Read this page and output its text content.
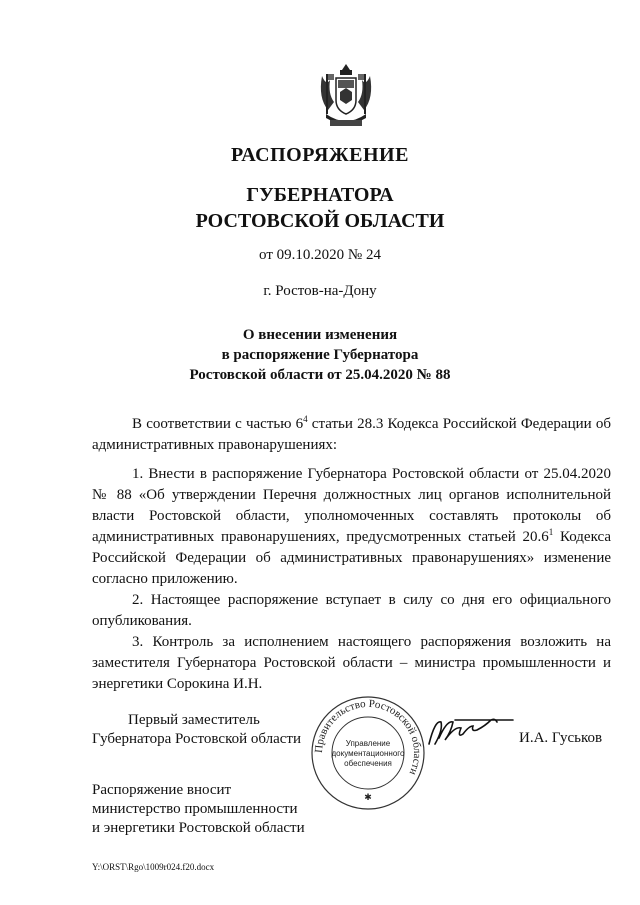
РАСПОРЯЖЕНИЕ
ГУБЕРНАТОРА
РОСТОВСКОЙ ОБЛАСТИ
от 09.10.2020 № 24
г. Ростов-на-Дону
О внесении изменения
в распоряжение Губернатора
Ростовской области от 25.04.2020 № 88

В соответствии с частью $6^4$ статьи 28.3 Кодекса Российской Федерации об административных правонарушениях:

1. Внести в распоряжение Губернатора Ростовской области от 25.04.2020 № 88 «Об утверждении Перечня должностных лиц органов исполнительной власти Ростовской области, уполномоченных составлять протоколы об административных правонарушениях, предусмотренных статьей 20.6$^1$ Кодекса Российской Федерации об административных правонарушениях» изменение согласно приложению.

2. Настоящее распоряжение вступает в силу со дня его официального опубликования.

3. Контроль за исполнением настоящего распоряжения возложить на заместителя Губернатора Ростовской области – министра промышленности и энергетики Сорокина И.Н.

Первый заместитель
Губернатора Ростовской области
Правительство Ростовской области
Управление
документационного
обеспечения
✱
И.А. Гуськов
Распоряжение вносит
министерство промышленности
и энергетики Ростовской области
Y:\ORST\Rgo\1009r024.f20.docx
